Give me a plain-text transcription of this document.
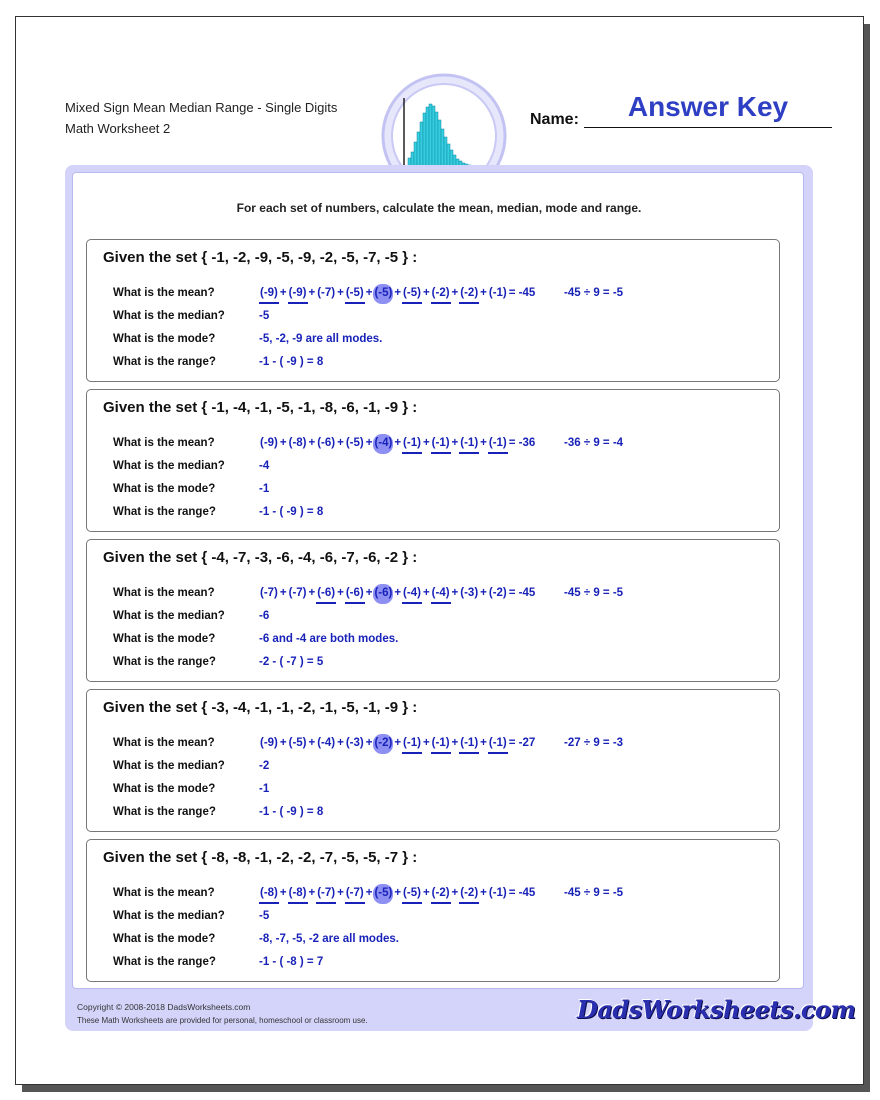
Mixed Sign Mean Median Range - Single Digits
Math Worksheet 2
Answer Key
Name:
For each set of numbers, calculate the mean, median, mode and range.
Given the set { -1, -2, -9, -5, -9, -2, -5, -7, -5 } :
What is the mean?	(-9) + (-9) + (-7) + (-5) + (-5) + (-5) + (-2) + (-2) + (-1) = -45 -45 ÷ 9 = -5
What is the median?	-5
What is the mode?	-5, -2, -9 are all modes.
What is the range?	-1 - ( -9 ) = 8
Given the set { -1, -4, -1, -5, -1, -8, -6, -1, -9 } :
What is the mean?	(-9) + (-8) + (-6) + (-5) + (-4) + (-1) + (-1) + (-1) + (-1) = -36 -36 ÷ 9 = -4
What is the median?	-4
What is the mode?	-1
What is the range?	-1 - ( -9 ) = 8
Given the set { -4, -7, -3, -6, -4, -6, -7, -6, -2 } :
What is the mean?	(-7) + (-7) + (-6) + (-6) + (-6) + (-4) + (-4) + (-3) + (-2) = -45 -45 ÷ 9 = -5
What is the median?	-6
What is the mode?	-6 and -4 are both modes.
What is the range?	-2 - ( -7 ) = 5
Given the set { -3, -4, -1, -1, -2, -1, -5, -1, -9 } :
What is the mean?	(-9) + (-5) + (-4) + (-3) + (-2) + (-1) + (-1) + (-1) + (-1) = -27 -27 ÷ 9 = -3
What is the median?	-2
What is the mode?	-1
What is the range?	-1 - ( -9 ) = 8
Given the set { -8, -8, -1, -2, -2, -7, -5, -5, -7 } :
What is the mean?	(-8) + (-8) + (-7) + (-7) + (-5) + (-5) + (-2) + (-2) + (-1) = -45 -45 ÷ 9 = -5
What is the median?	-5
What is the mode?	-8, -7, -5, -2 are all modes.
What is the range?	-1 - ( -8 ) = 7
Copyright © 2008-2018 DadsWorksheets.com
These Math Worksheets are provided for personal, homeschool or classroom use.	DadsWorksheets.com
